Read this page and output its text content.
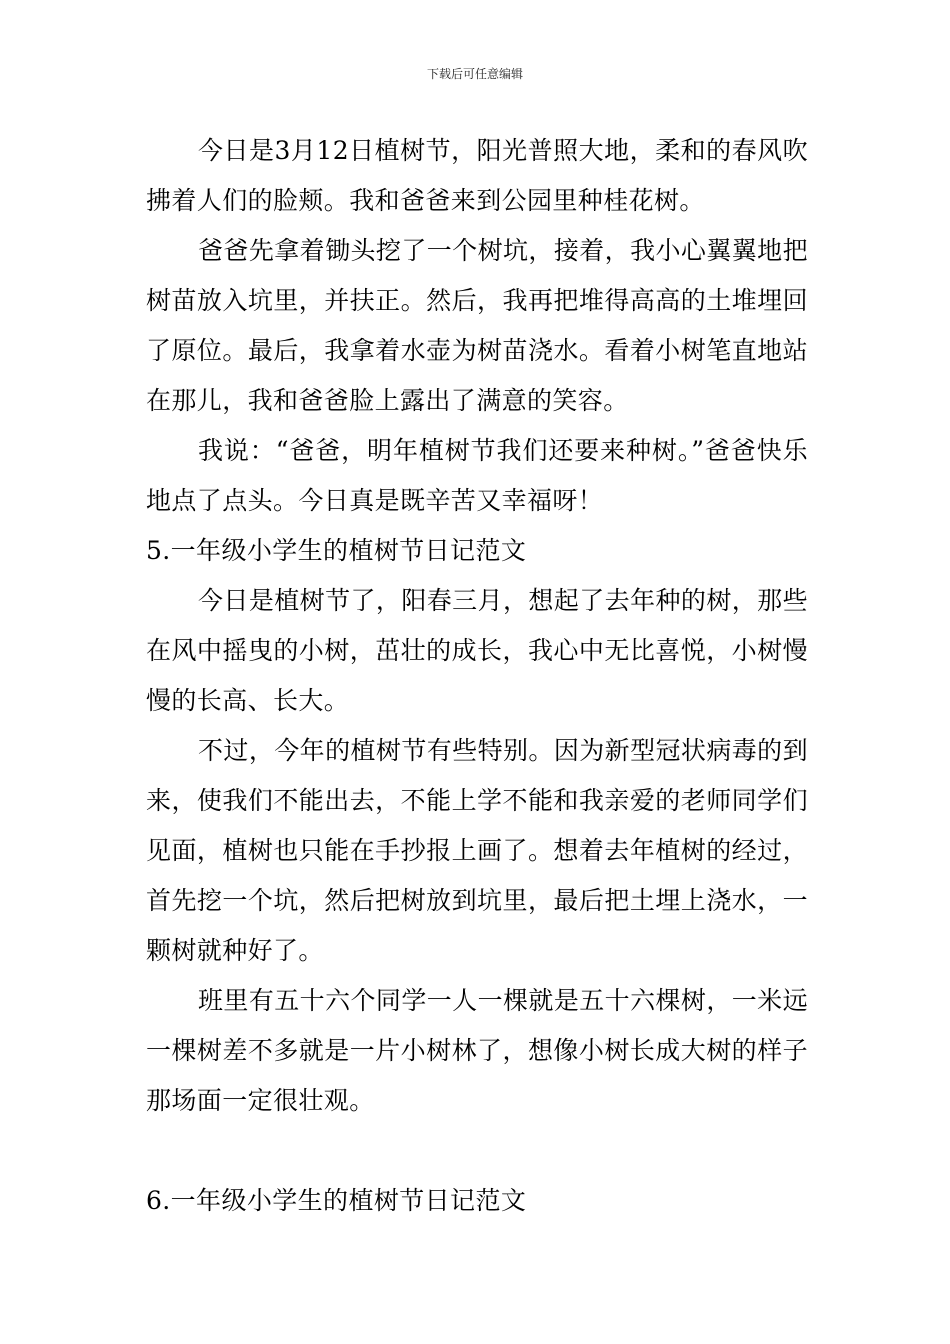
下载后可任意编辑

今日是3月12日植树节，阳光普照大地，柔和的春风吹拂着人们的脸颊。我和爸爸来到公园里种桂花树。

爸爸先拿着锄头挖了一个树坑，接着，我小心翼翼地把树苗放入坑里，并扶正。然后，我再把堆得高高的土堆埋回了原位。最后，我拿着水壶为树苗浇水。看着小树笔直地站在那儿，我和爸爸脸上露出了满意的笑容。

我说：“爸爸，明年植树节我们还要来种树。”爸爸快乐地点了点头。今日真是既辛苦又幸福呀！

5.一年级小学生的植树节日记范文

今日是植树节了，阳春三月，想起了去年种的树，那些在风中摇曳的小树，茁壮的成长，我心中无比喜悦，小树慢慢的长高、长大。

不过，今年的植树节有些特别。因为新型冠状病毒的到来，使我们不能出去，不能上学不能和我亲爱的老师同学们见面，植树也只能在手抄报上画了。想着去年植树的经过，首先挖一个坑，然后把树放到坑里，最后把土埋上浇水，一颗树就种好了。

班里有五十六个同学一人一棵就是五十六棵树，一米远一棵树差不多就是一片小树林了，想像小树长成大树的样子那场面一定很壮观。

6.一年级小学生的植树节日记范文
